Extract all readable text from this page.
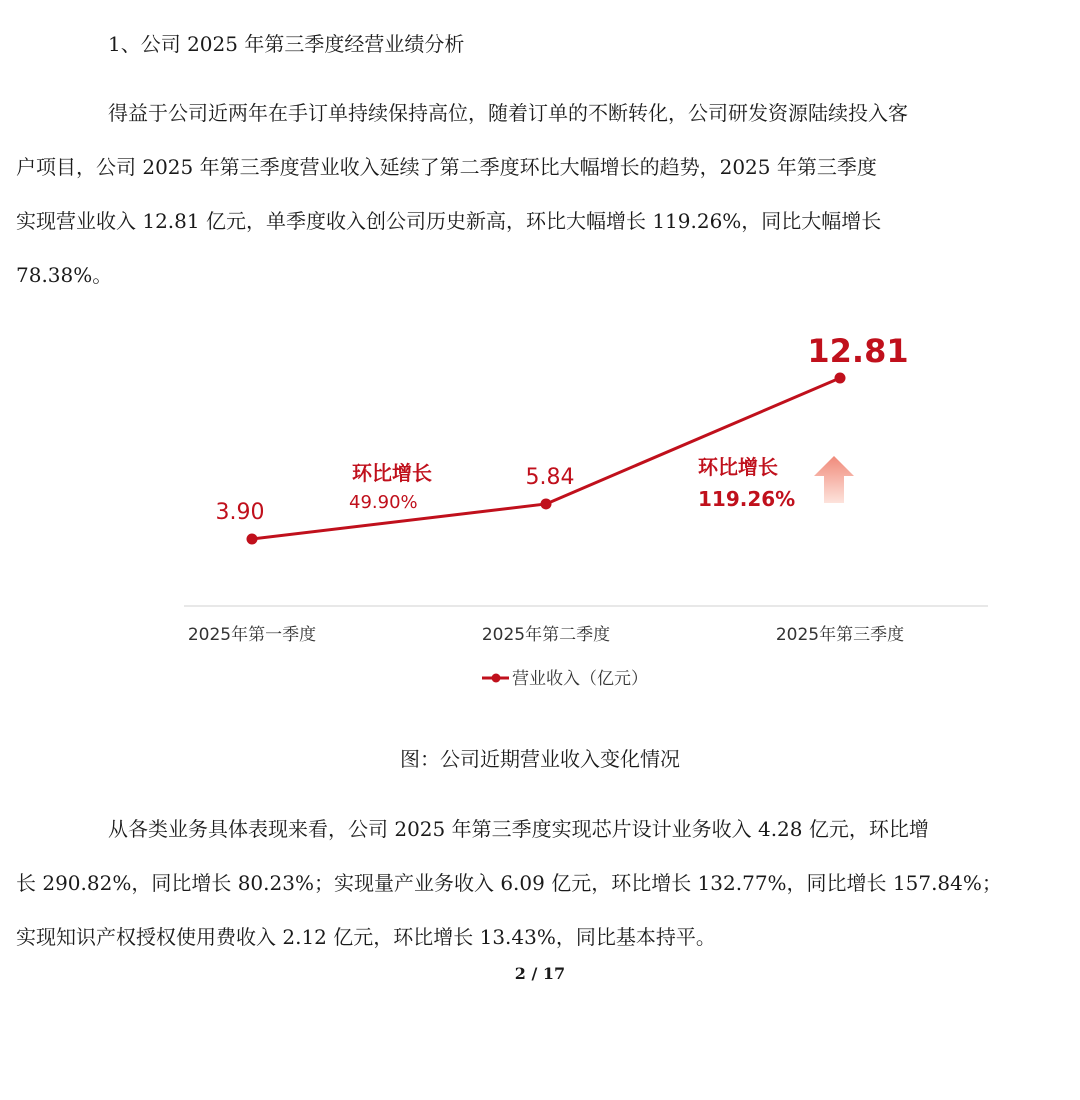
1、公司 2025 年第三季度经营业绩分析
得益于公司近两年在手订单持续保持高位，随着订单的不断转化，公司研发资源陆续投入客
户项目，公司 2025 年第三季度营业收入延续了第二季度环比大幅增长的趋势，2025 年第三季度
实现营业收入 12.81 亿元，单季度收入创公司历史新高，环比大幅增长 119.26%，同比大幅增长
78.38%。
3.90
5.84
12.81
环比增长
49.90%
环比增长
119.26%
2025年第一季度	2025年第二季度	2025年第三季度
营业收入（亿元）
图：公司近期营业收入变化情况
从各类业务具体表现来看，公司 2025 年第三季度实现芯片设计业务收入 4.28 亿元，环比增
长 290.82%，同比增长 80.23%；实现量产业务收入 6.09 亿元，环比增长 132.77%，同比增长 157.84%；
实现知识产权授权使用费收入 2.12 亿元，环比增长 13.43%，同比基本持平。
2 / 17
